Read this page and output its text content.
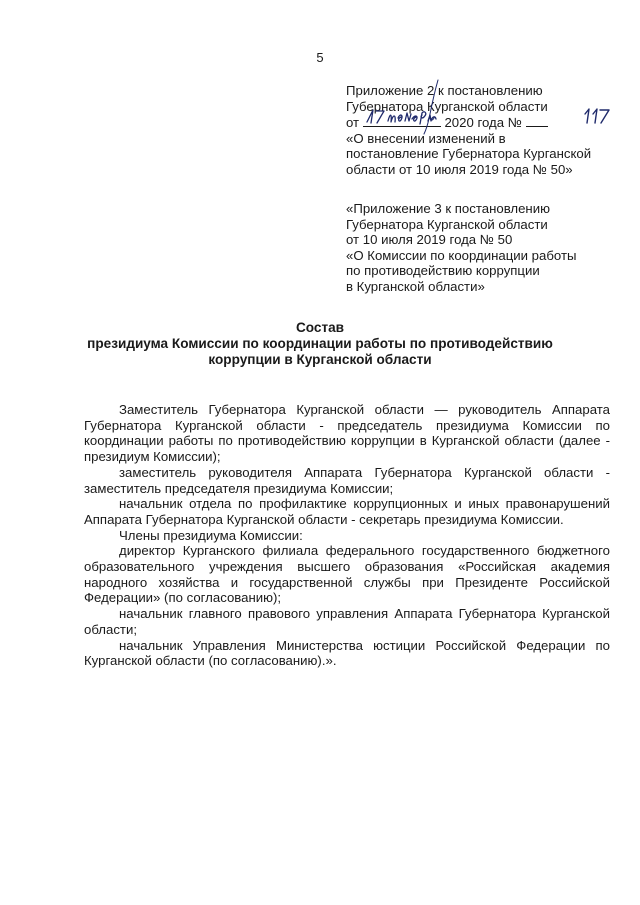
5
Приложение 2 к постановлению
Губернатора Курганской области
от	2020 года №
«О внесении изменений в
постановление Губернатора Курганской
области от 10 июля 2019 года № 50»
«Приложение 3 к постановлению
Губернатора Курганской области
от 10 июля 2019 года № 50
«О Комиссии по координации работы
по противодействию коррупции
в Курганской области»
Состав
президиума Комиссии по координации работы по противодействию
коррупции в Курганской области

Заместитель Губернатора Курганской области — руководитель Аппарата Губернатора Курганской области - председатель президиума Комиссии по координации работы по противодействию коррупции в Курганской области (далее - президиум Комиссии);

заместитель руководителя Аппарата Губернатора Курганской области - заместитель председателя президиума Комиссии;

начальник отдела по профилактике коррупционных и иных правонарушений Аппарата Губернатора Курганской области - секретарь президиума Комиссии.

Члены президиума Комиссии:

директор Курганского филиала федерального государственного бюджетного образовательного учреждения высшего образования «Российская академия народного хозяйства и государственной службы при Президенте Российской Федерации» (по согласованию);

начальник главного правового управления Аппарата Губернатора Курганской области;

начальник Управления Министерства юстиции Российской Федерации по Курганской области (по согласованию).».
